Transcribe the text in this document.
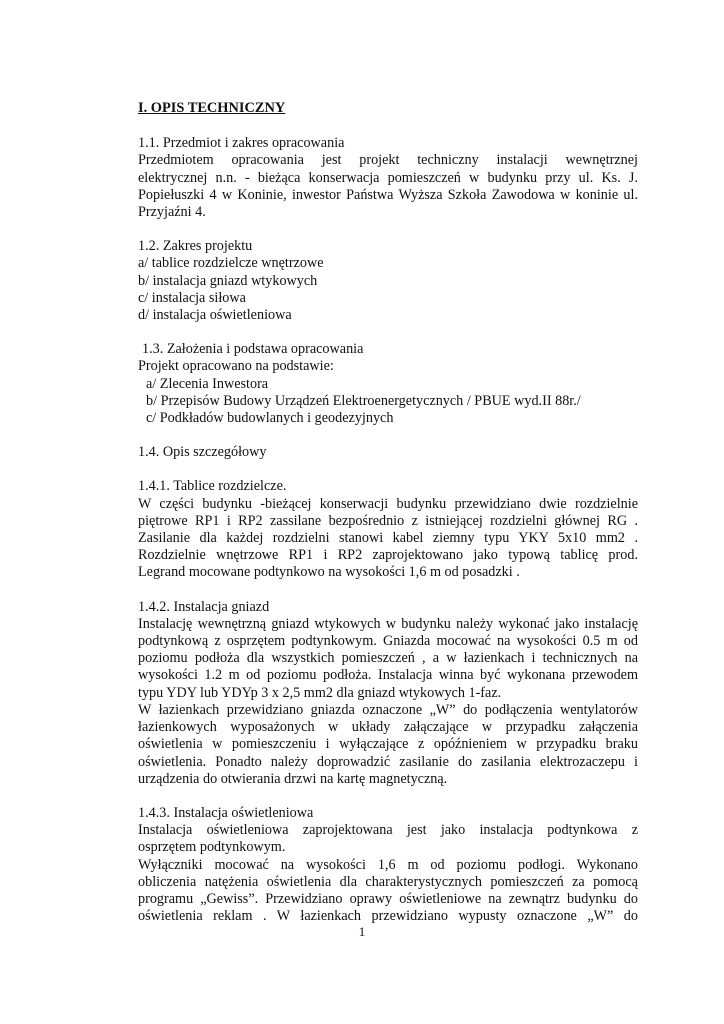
I. OPIS TECHNICZNY
1.1. Przedmiot i zakres opracowania
Przedmiotem opracowania jest projekt techniczny instalacji wewnętrznej
elektrycznej n.n. - bieżąca konserwacja pomieszczeń w budynku przy ul. Ks. J.
Popiełuszki 4 w Koninie, inwestor Państwa Wyższa Szkoła Zawodowa w koninie ul.
Przyjaźni 4.
1.2. Zakres projektu
a/ tablice rozdzielcze wnętrzowe
b/ instalacja gniazd wtykowych
c/ instalacja siłowa
d/ instalacja oświetleniowa
1.3. Założenia i podstawa opracowania
Projekt opracowano na podstawie:
a/ Zlecenia Inwestora
b/ Przepisów Budowy Urządzeń Elektroenergetycznych / PBUE wyd.II 88r./
c/ Podkładów budowlanych i geodezyjnych
1.4. Opis szczegółowy
1.4.1. Tablice rozdzielcze.
W części budynku -bieżącej konserwacji budynku przewidziano dwie rozdzielnie
piętrowe RP1 i RP2 zassilane bezpośrednio z istniejącej rozdzielni głównej RG .
Zasilanie dla każdej rozdzielni stanowi kabel ziemny typu YKY 5x10 mm2 .
Rozdzielnie wnętrzowe RP1 i RP2 zaprojektowano jako typową tablicę prod.
Legrand mocowane podtynkowo na wysokości 1,6 m od posadzki .
1.4.2. Instalacja gniazd
Instalację wewnętrzną gniazd wtykowych w budynku należy wykonać jako instalację
podtynkową z osprzętem podtynkowym. Gniazda mocować na wysokości 0.5 m od
poziomu podłoża dla wszystkich pomieszczeń , a w łazienkach i technicznych na
wysokości 1.2 m od poziomu podłoża. Instalacja winna być wykonana przewodem
typu YDY lub YDYp 3 x 2,5 mm2 dla gniazd wtykowych 1-faz.
W łazienkach przewidziano gniazda oznaczone „W” do podłączenia wentylatorów
łazienkowych wyposażonych w układy załączające w przypadku załączenia
oświetlenia w pomieszczeniu i wyłączające z opóźnieniem w przypadku braku
oświetlenia. Ponadto należy doprowadzić zasilanie do zasilania elektrozaczepu i
urządzenia do otwierania drzwi na kartę magnetyczną.
1.4.3. Instalacja oświetleniowa
Instalacja oświetleniowa zaprojektowana jest jako instalacja podtynkowa z
osprzętem podtynkowym.
Wyłączniki mocować na wysokości 1,6 m od poziomu podłogi. Wykonano
obliczenia natężenia oświetlenia dla charakterystycznych pomieszczeń za pomocą
programu „Gewiss”. Przewidziano oprawy oświetleniowe na zewnątrz budynku do
oświetlenia reklam . W łazienkach przewidziano wypusty oznaczone „W” do
1
